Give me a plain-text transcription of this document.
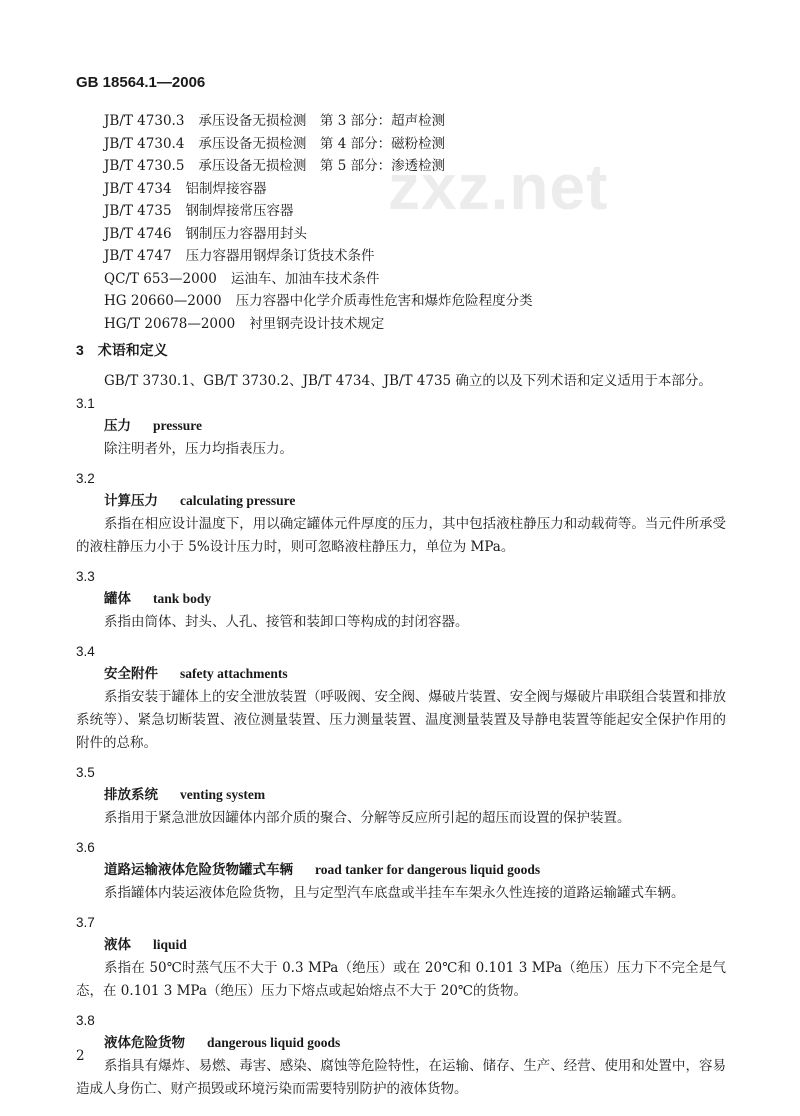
GB 18564.1—2006
zxz.net
JB/T 4730.3 承压设备无损检测　第 3 部分：超声检测
JB/T 4730.4 承压设备无损检测　第 4 部分：磁粉检测
JB/T 4730.5 承压设备无损检测　第 5 部分：渗透检测
JB/T 4734 铝制焊接容器
JB/T 4735 钢制焊接常压容器
JB/T 4746 钢制压力容器用封头
JB/T 4747 压力容器用钢焊条订货技术条件
QC/T 653—2000 运油车、加油车技术条件
HG 20660—2000 压力容器中化学介质毒性危害和爆炸危险程度分类
HG/T 20678—2000 衬里钢壳设计技术规定
3 术语和定义
GB/T 3730.1、GB/T 3730.2、JB/T 4734、JB/T 4735 确立的以及下列术语和定义适用于本部分。
3.1
压力 pressure
除注明者外，压力均指表压力。
3.2
计算压力 calculating pressure
系指在相应设计温度下，用以确定罐体元件厚度的压力，其中包括液柱静压力和动载荷等。当元件所承受的液柱静压力小于 5%设计压力时，则可忽略液柱静压力，单位为 MPa。
3.3
罐体 tank body
系指由筒体、封头、人孔、接管和装卸口等构成的封闭容器。
3.4
安全附件 safety attachments
系指安装于罐体上的安全泄放装置（呼吸阀、安全阀、爆破片装置、安全阀与爆破片串联组合装置和排放系统等）、紧急切断装置、液位测量装置、压力测量装置、温度测量装置及导静电装置等能起安全保护作用的附件的总称。
3.5
排放系统 venting system
系指用于紧急泄放因罐体内部介质的聚合、分解等反应所引起的超压而设置的保护装置。
3.6
道路运输液体危险货物罐式车辆 road tanker for dangerous liquid goods
系指罐体内装运液体危险货物，且与定型汽车底盘或半挂车车架永久性连接的道路运输罐式车辆。
3.7
液体 liquid
系指在 50℃时蒸气压不大于 0.3 MPa（绝压）或在 20℃和 0.101 3 MPa（绝压）压力下不完全是气态，在 0.101 3 MPa（绝压）压力下熔点或起始熔点不大于 20℃的货物。
3.8
液体危险货物 dangerous liquid goods
系指具有爆炸、易燃、毒害、感染、腐蚀等危险特性，在运输、储存、生产、经营、使用和处置中，容易造成人身伤亡、财产损毁或环境污染而需要特别防护的液体货物。
2
